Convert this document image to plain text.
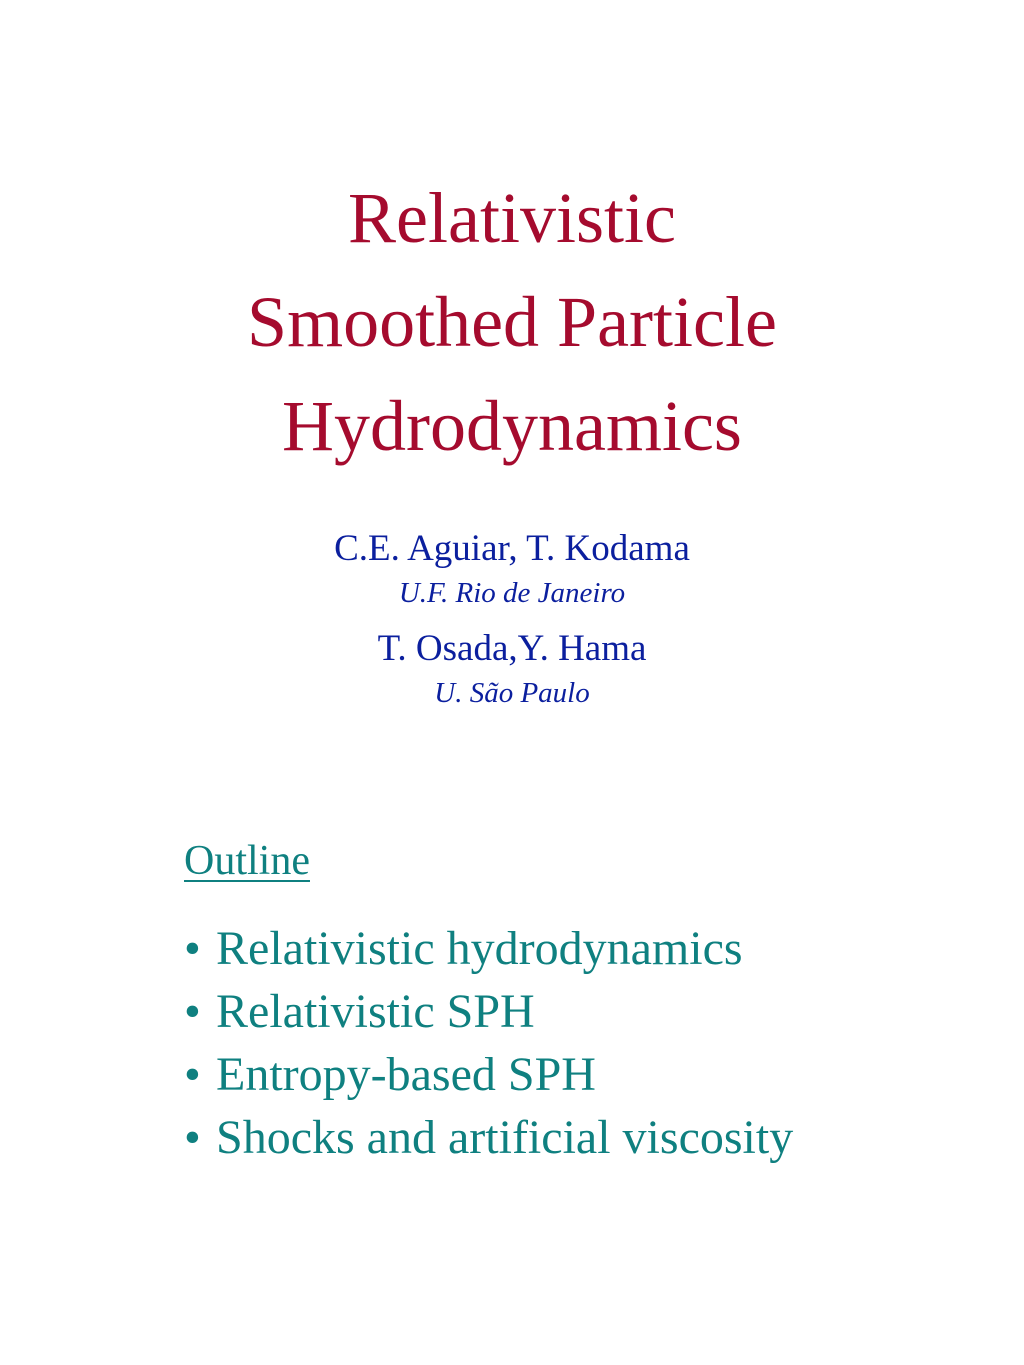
Relativistic
Smoothed Particle
Hydrodynamics
C.E. Aguiar, T. Kodama
U.F. Rio de Janeiro
T. Osada,Y. Hama
U. São Paulo
Outline
• Relativistic hydrodynamics
• Relativistic SPH
• Entropy-based SPH
• Shocks and artificial viscosity
